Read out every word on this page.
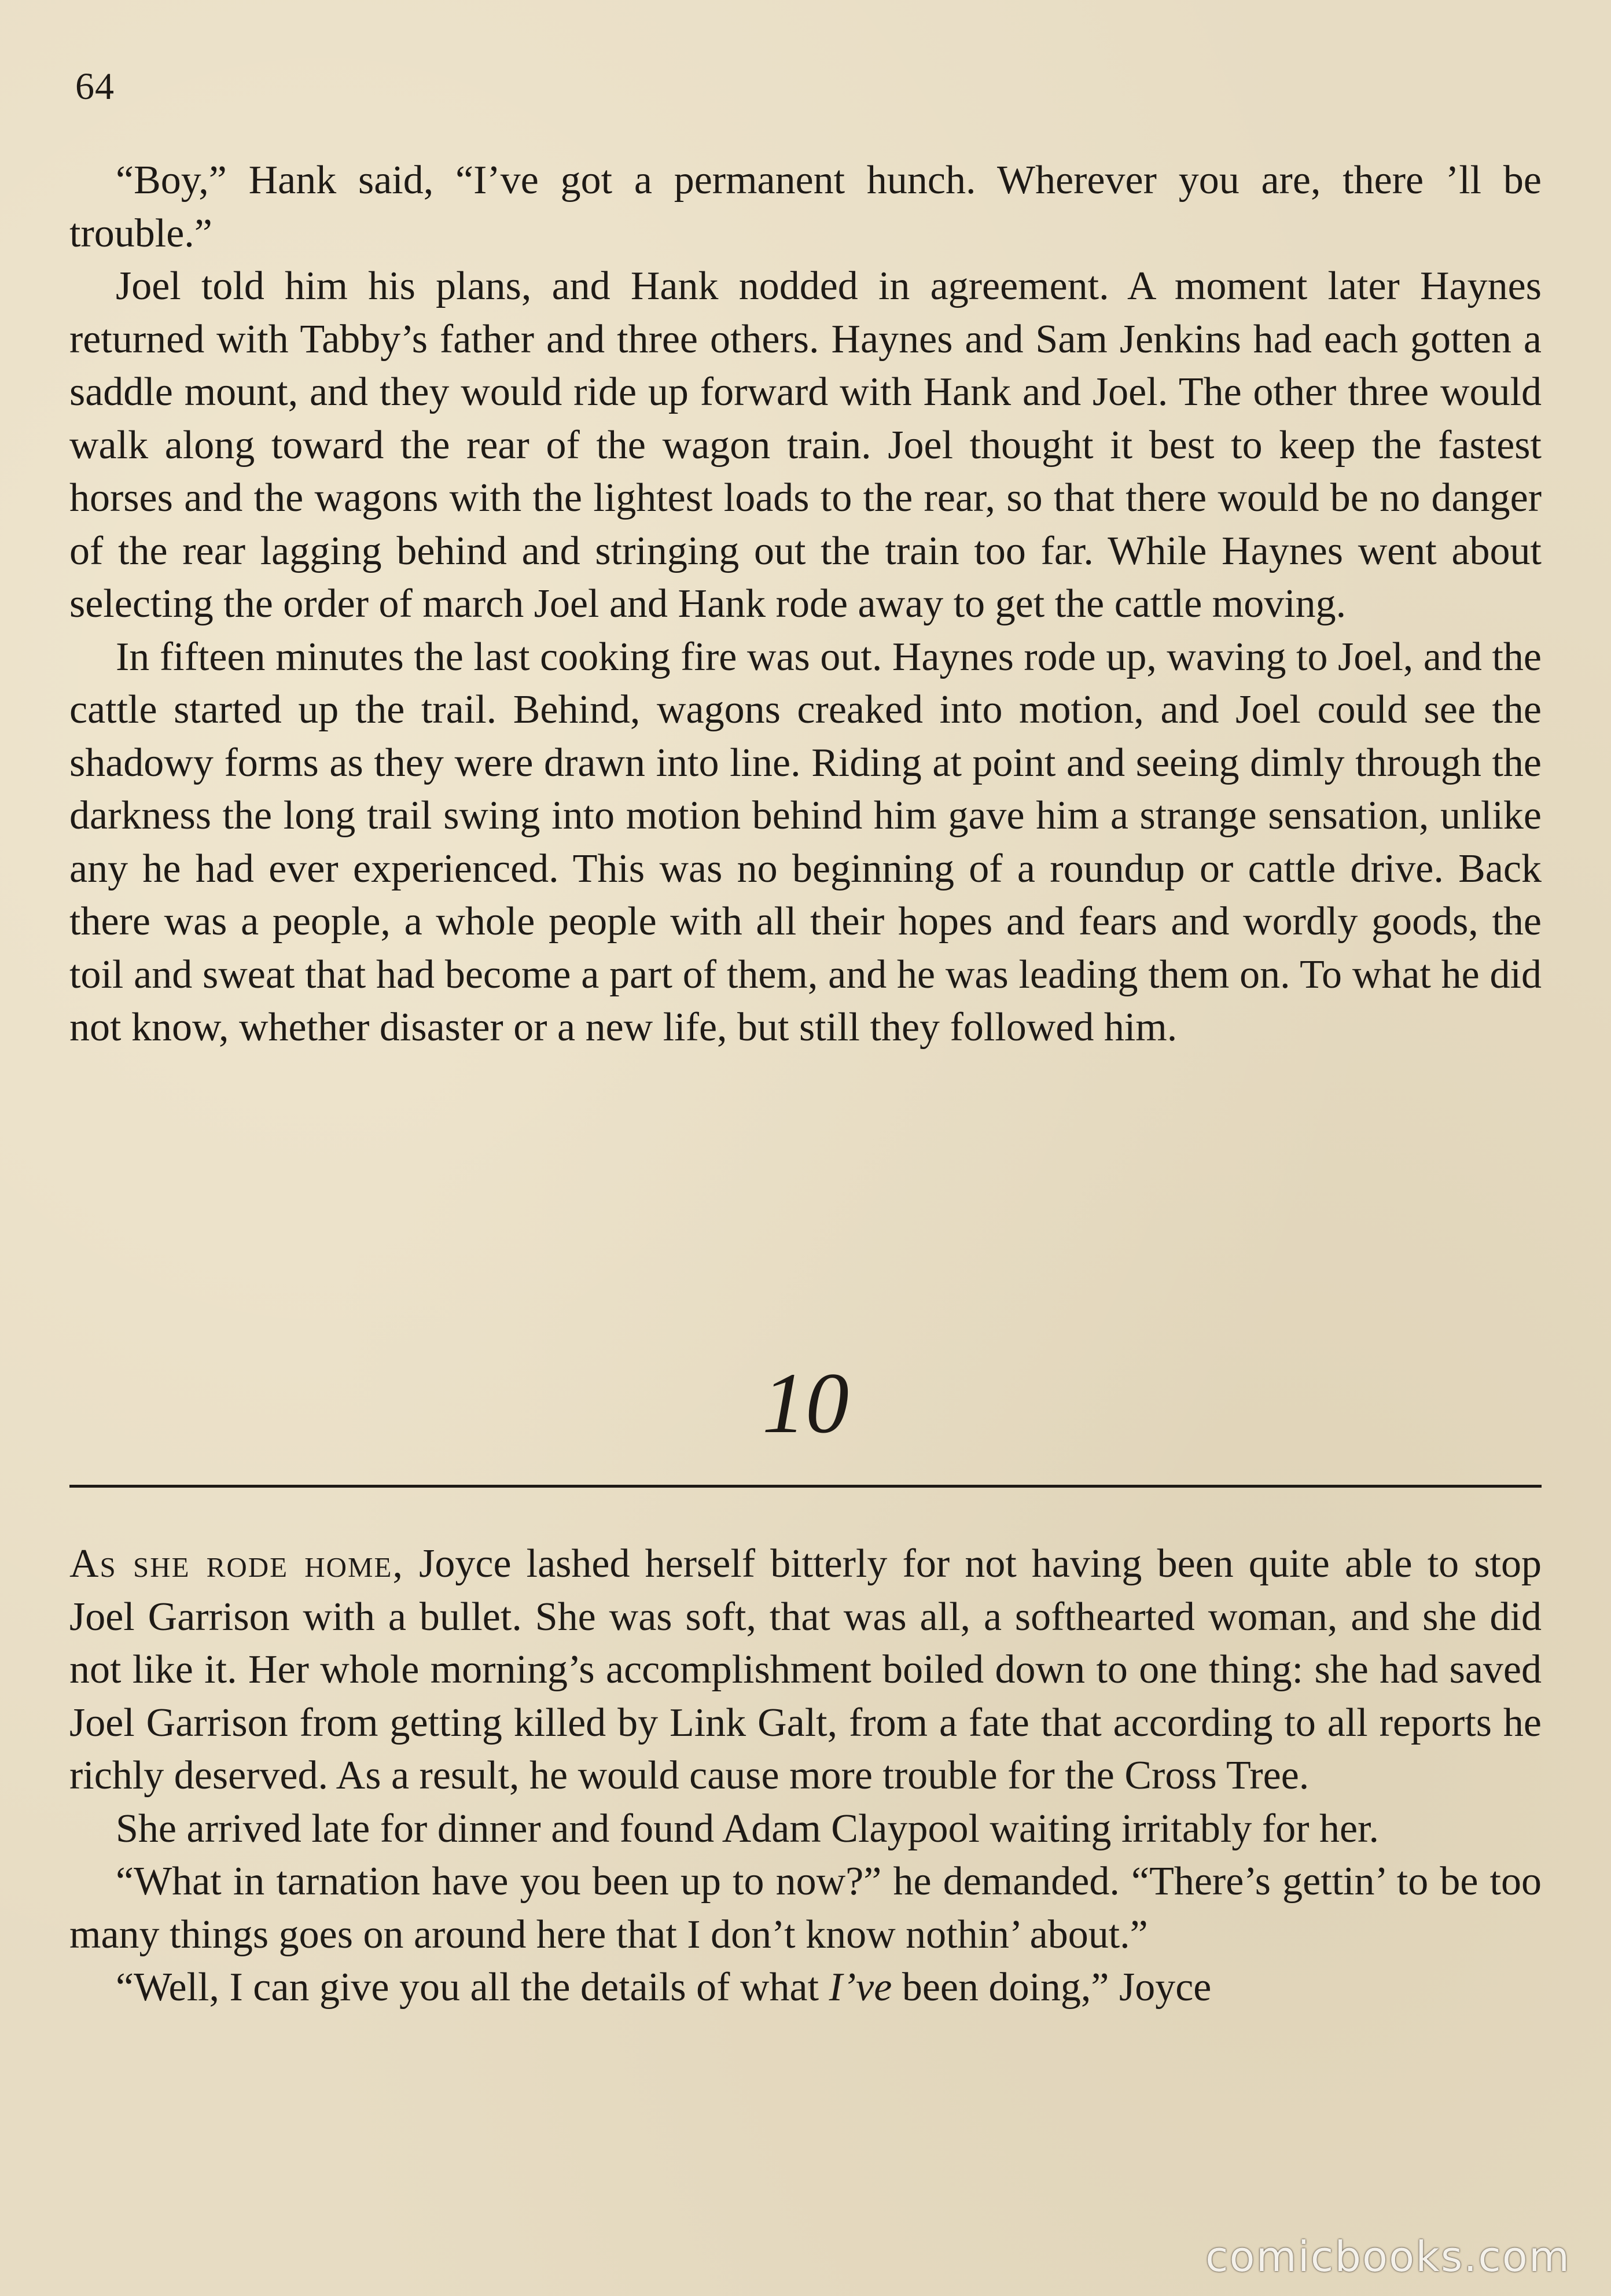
64

“Boy,” Hank said, “I’ve got a permanent hunch. Wherever you are, there ’ll be trouble.”

Joel told him his plans, and Hank nodded in agreement. A moment later Haynes returned with Tabby’s father and three others. Haynes and Sam Jenkins had each gotten a saddle mount, and they would ride up forward with Hank and Joel. The other three would walk along toward the rear of the wagon train. Joel thought it best to keep the fastest horses and the wagons with the lightest loads to the rear, so that there would be no danger of the rear lagging behind and stringing out the train too far. While Haynes went about selecting the order of march Joel and Hank rode away to get the cattle moving.

In fifteen minutes the last cooking fire was out. Haynes rode up, waving to Joel, and the cattle started up the trail. Behind, wagons creaked into motion, and Joel could see the shadowy forms as they were drawn into line. Riding at point and seeing dimly through the darkness the long trail swing into motion behind him gave him a strange sensation, unlike any he had ever experienced. This was no beginning of a roundup or cattle drive. Back there was a people, a whole people with all their hopes and fears and wordly goods, the toil and sweat that had become a part of them, and he was leading them on. To what he did not know, whether disaster or a new life, but still they followed him.

10

As she rode home, Joyce lashed herself bitterly for not having been quite able to stop Joel Garrison with a bullet. She was soft, that was all, a softhearted woman, and she did not like it. Her whole morning’s accomplishment boiled down to one thing: she had saved Joel Garrison from getting killed by Link Galt, from a fate that according to all reports he richly deserved. As a result, he would cause more trouble for the Cross Tree.

She arrived late for dinner and found Adam Claypool waiting irritably for her.

“What in tarnation have you been up to now?” he demanded. “There’s gettin’ to be too many things goes on around here that I don’t know nothin’ about.”

“Well, I can give you all the details of what I’ve been doing,” Joyce

comicbooks.com
